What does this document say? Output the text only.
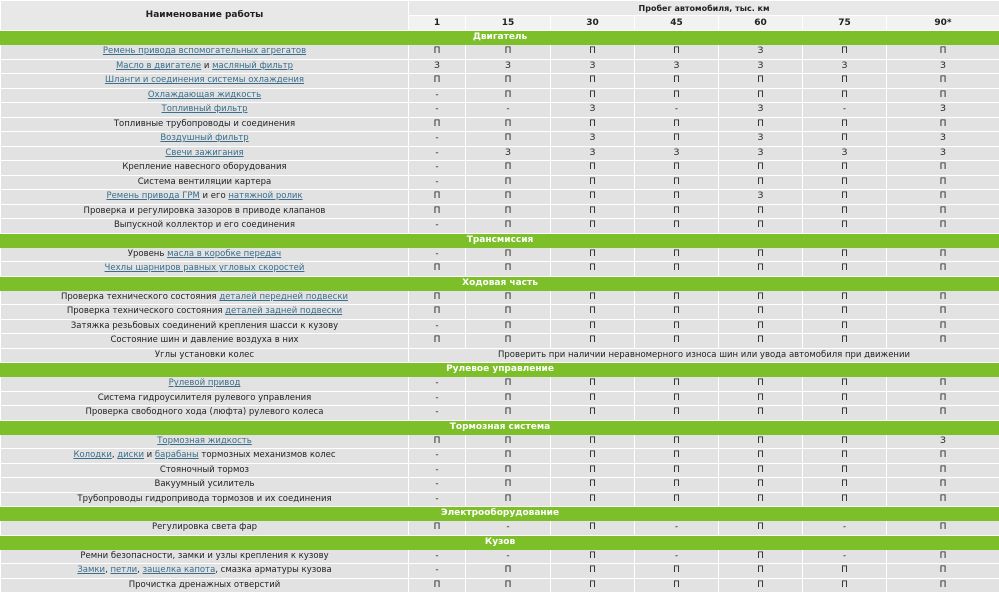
Наименование работы	Пробег автомобиля, тыс. км						
	1	15	30	45	60	75	90*
Двигатель							
Ремень привода вспомогательных агрегатов	П	П	П	П	З	П	П
Масло в двигателе и масляный фильтр	З	З	З	З	З	З	З
Шланги и соединения системы охлаждения	П	П	П	П	П	П	П
Охлаждающая жидкость	-	П	П	П	П	П	П
Топливный фильтр	-	-	З	-	З	-	З
Топливные трубопроводы и соединения	П	П	П	П	П	П	П
Воздушный фильтр	-	П	З	П	З	П	З
Свечи зажигания	-	З	З	З	З	З	З
Крепление навесного оборудования	-	П	П	П	П	П	П
Система вентиляции картера	-	П	П	П	П	П	П
Ремень привода ГРМ и его натяжной ролик	П	П	П	П	З	П	П
Проверка и регулировка зазоров в приводе клапанов	П	П	П	П	П	П	П
Выпускной коллектор и его соединения	-	П	П	П	П	П	П
Трансмиссия							
Уровень масла в коробке передач	-	П	П	П	П	П	П
Чехлы шарниров равных угловых скоростей	П	П	П	П	П	П	П
Ходовая часть							
Проверка технического состояния деталей передней подвески	П	П	П	П	П	П	П
Проверка технического состояния деталей задней подвески	П	П	П	П	П	П	П
Затяжка резьбовых соединений крепления шасси к кузову	-	П	П	П	П	П	П
Состояние шин и давление воздуха в них	П	П	П	П	П	П	П
Углы установки колес	Проверить при наличии неравномерного износа шин или увода автомобиля при движении						
Рулевое управление							
Рулевой привод	-	П	П	П	П	П	П
Система гидроусилителя рулевого управления	-	П	П	П	П	П	П
Проверка свободного хода (люфта) рулевого колеса	-	П	П	П	П	П	П
Тормозная система							
Тормозная жидкость	П	П	П	П	П	П	З
Колодки, диски и барабаны тормозных механизмов колес	-	П	П	П	П	П	П
Стояночный тормоз	-	П	П	П	П	П	П
Вакуумный усилитель	-	П	П	П	П	П	П
Трубопроводы гидропривода тормозов и их соединения	-	П	П	П	П	П	П
Электрооборудование							
Регулировка света фар	П	-	П	-	П	-	П
Кузов							
Ремни безопасности, замки и узлы крепления к кузову	-	-	П	-	П	-	П
Замки, петли, защелка капота, смазка арматуры кузова	-	П	П	П	П	П	П
Прочистка дренажных отверстий	П	П	П	П	П	П	П
